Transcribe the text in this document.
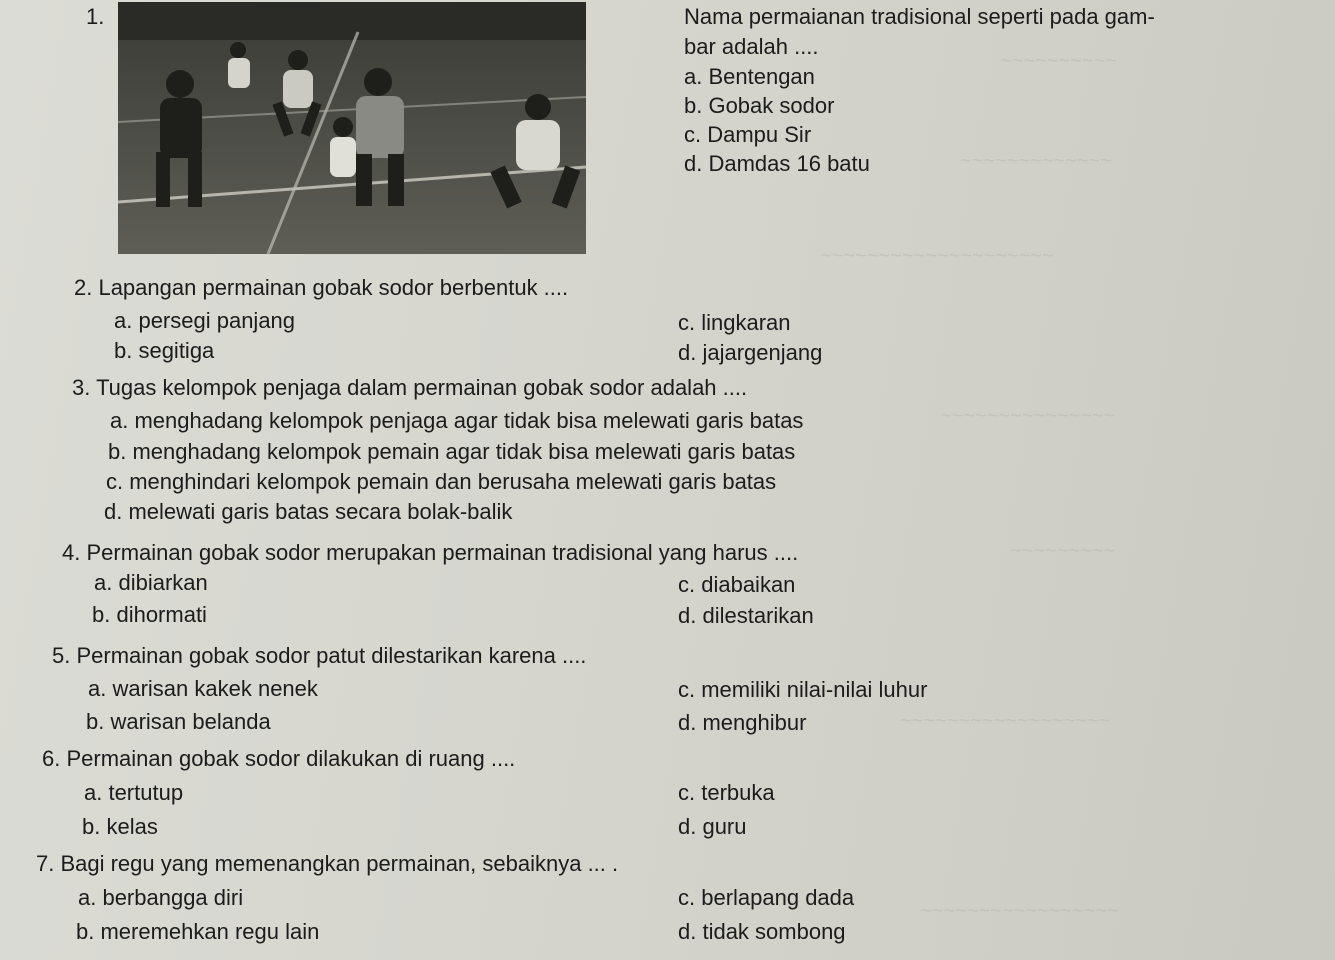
~~~~~~~~~~
~~~~~~~~~~~~~
~~~~~~~~~~~~~~~~~~~~
~~~~~~~~~~~~~~~
~~~~~~~~~
~~~~~~~~~~~~~~~~~~
~~~~~~~~~~~~~~~~~
1.	Nama permaianan tradisional seperti pada gam-
bar adalah ....
a. Bentengan
b. Gobak sodor
c. Dampu Sir
d. Damdas 16 batu
2. Lapangan permainan gobak sodor berbentuk ....
a. persegi panjang
b. segitiga
c. lingkaran
d. jajargenjang
3. Tugas kelompok penjaga dalam permainan gobak sodor adalah ....
a. menghadang kelompok penjaga agar tidak bisa melewati garis batas
b. menghadang kelompok pemain agar tidak bisa melewati garis batas
c. menghindari kelompok pemain dan berusaha melewati garis batas
d. melewati garis batas secara bolak-balik
4. Permainan gobak sodor merupakan permainan tradisional yang harus ....
a. dibiarkan
b. dihormati
c. diabaikan
d. dilestarikan
5. Permainan gobak sodor patut dilestarikan karena ....
a. warisan kakek nenek
b. warisan belanda
c. memiliki nilai-nilai luhur
d. menghibur
6. Permainan gobak sodor dilakukan di ruang ....
a. tertutup
b. kelas
c. terbuka
d. guru
7. Bagi regu yang memenangkan permainan, sebaiknya ... .
a. berbangga diri
b. meremehkan regu lain
c. berlapang dada
d. tidak sombong
